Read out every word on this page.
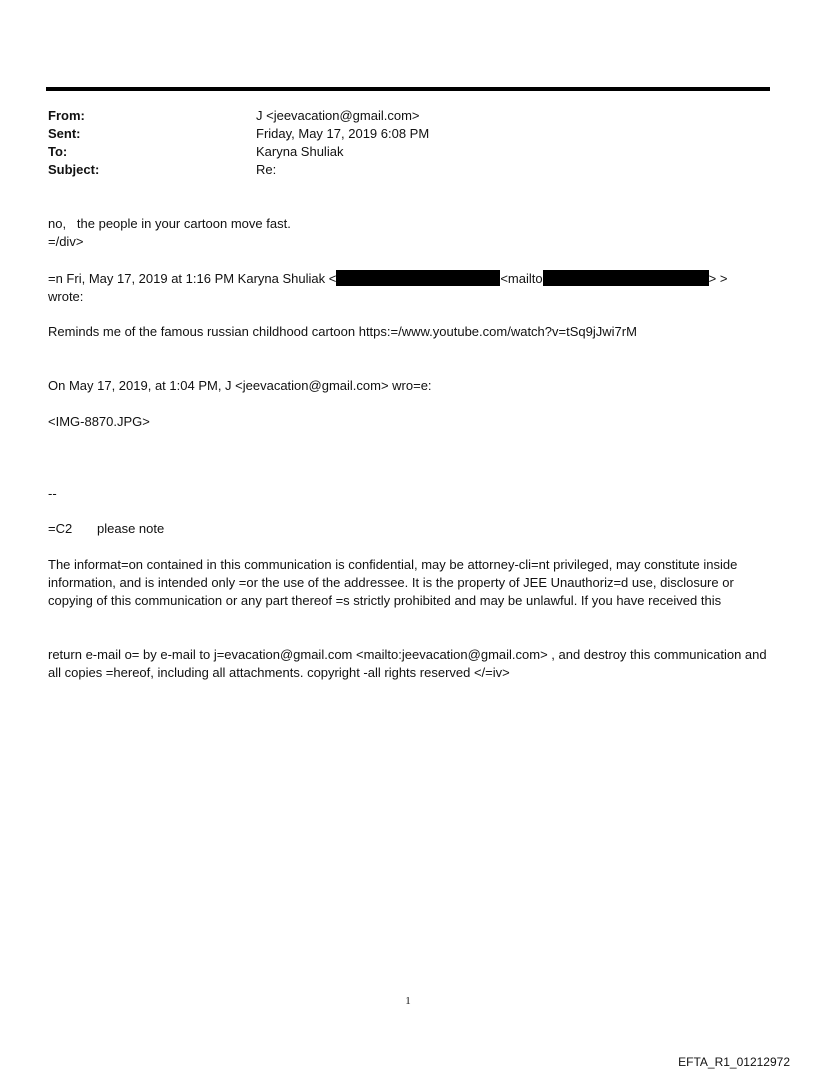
From:	J <jeevacation@gmail.com>
Sent:	Friday, May 17, 2019 6:08 PM
To:	Karyna Shuliak
Subject:	Re:

no,   the people in your cartoon move fast.

=/div>

=n Fri, May 17, 2019 at 1:16 PM Karyna Shuliak <	<mailto	> >

wrote:

Reminds me of the famous russian childhood cartoon https:=/www.youtube.com/watch?v=tSq9jJwi7rM

On May 17, 2019, at 1:04 PM, J <jeevacation@gmail.com> wro=e:

<IMG-8870.JPG>

--

=C2 please note

The informat=on contained in this communication is confidential, may be attorney-cli=nt privileged, may constitute inside information, and is intended only =or the use of the addressee. It is the property of JEE Unauthoriz=d use, disclosure or copying of this communication or any part thereof =s strictly prohibited and may be unlawful. If you have received this

return e-mail o= by e-mail to j=evacation@gmail.com <mailto:jeevacation@gmail.com> , and destroy this communication and all copies =hereof, including all attachments. copyright -all rights reserved </=iv>

1
EFTA_R1_01212972
